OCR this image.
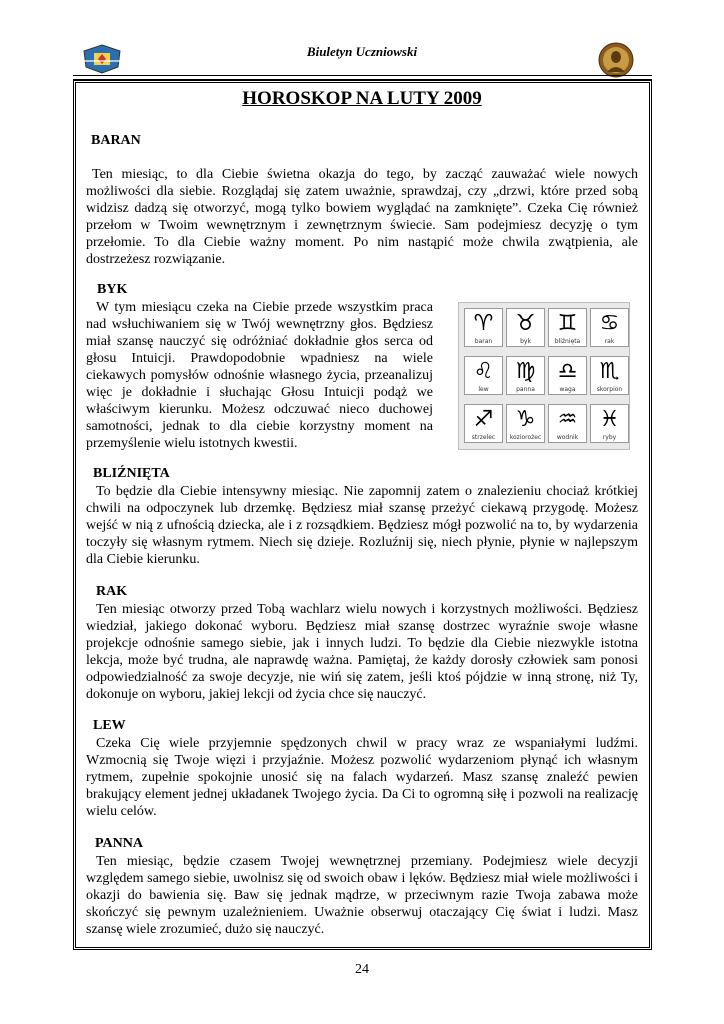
Biuletyn Uczniowski
HOROSKOP NA LUTY 2009
BARAN
Ten miesiąc, to dla Ciebie świetna okazja do tego, by zacząć zauważać wiele nowych możliwości dla siebie. Rozglądaj się zatem uważnie, sprawdzaj, czy „drzwi, które przed sobą widzisz dadzą się otworzyć, mogą tylko bowiem wyglądać na zamknięte”. Czeka Cię również przełom w Twoim wewnętrznym i zewnętrznym świecie. Sam podejmiesz decyzję o tym przełomie. To dla Ciebie ważny moment. Po nim nastąpić może chwila zwątpienia, ale dostrzeżesz rozwiązanie.
BYK
W tym miesiącu czeka na Ciebie przede wszystkim praca nad wsłuchiwaniem się w Twój wewnętrzny głos. Będziesz miał szansę nauczyć się odróżniać dokładnie głos serca od głosu Intuicji. Prawdopodobnie wpadniesz na wiele ciekawych pomysłów odnośnie własnego życia, przeanalizuj więc je dokładnie i słuchając Głosu Intuicji podąż we właściwym kierunku. Możesz odczuwać nieco duchowej samotności, jednak to dla ciebie korzystny moment na przemyślenie wielu istotnych kwestii.
♈
baran
♉
byk
♊
bliźnięta
♋
rak
♌
lew
♍
panna
♎
waga
♏
skorpion
♐
strzelec
♑
koziorożec
♒
wodnik
♓
ryby
BLIŹNIĘTA
To będzie dla Ciebie intensywny miesiąc. Nie zapomnij zatem o znalezieniu chociaż krótkiej chwili na odpoczynek lub drzemkę. Będziesz miał szansę przeżyć ciekawą przygodę. Możesz wejść w nią z ufnością dziecka, ale i z rozsądkiem. Będziesz mógł pozwolić na to, by wydarzenia toczyły się własnym rytmem. Niech się dzieje. Rozluźnij się, niech płynie, płynie w najlepszym dla Ciebie kierunku.
RAK
Ten miesiąc otworzy przed Tobą wachlarz wielu nowych i korzystnych możliwości. Będziesz wiedział, jakiego dokonać wyboru. Będziesz miał szansę dostrzec wyraźnie swoje własne projekcje odnośnie samego siebie, jak i innych ludzi. To będzie dla Ciebie niezwykle istotna lekcja, może być trudna, ale naprawdę ważna. Pamiętaj, że każdy dorosły człowiek sam ponosi odpowiedzialność za swoje decyzje, nie wiń się zatem, jeśli ktoś pójdzie w inną stronę, niż Ty, dokonuje on wyboru, jakiej lekcji od życia chce się nauczyć.
LEW
Czeka Cię wiele przyjemnie spędzonych chwil w pracy wraz ze wspaniałymi ludźmi. Wzmocnią się Twoje więzi i przyjaźnie. Możesz pozwolić wydarzeniom płynąć ich własnym rytmem, zupełnie spokojnie unosić się na falach wydarzeń. Masz szansę znaleźć pewien brakujący element jednej układanek Twojego życia. Da Ci to ogromną siłę i pozwoli na realizację wielu celów.
PANNA
Ten miesiąc, będzie czasem Twojej wewnętrznej przemiany. Podejmiesz wiele decyzji względem samego siebie, uwolnisz się od swoich obaw i lęków. Będziesz miał wiele możliwości i okazji do bawienia się. Baw się jednak mądrze, w przeciwnym razie Twoja zabawa może skończyć się pewnym uzależnieniem. Uważnie obserwuj otaczający Cię świat i ludzi. Masz szansę wiele zrozumieć, dużo się nauczyć.
24
